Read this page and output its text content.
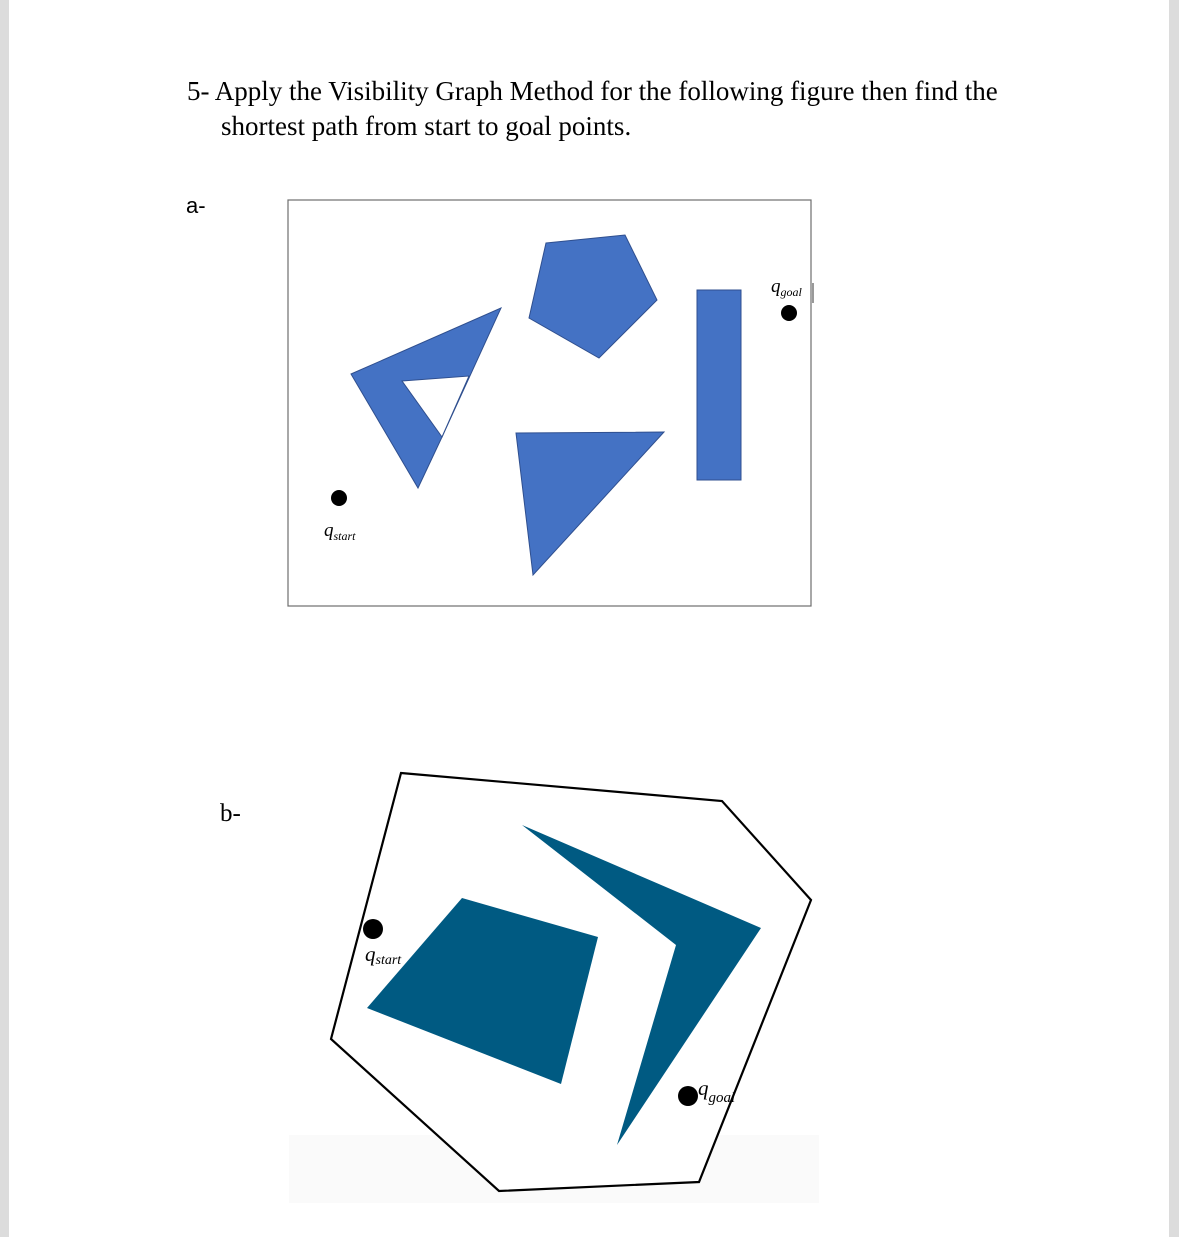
5- Apply the Visibility Graph Method for the following figure then find the
shortest path from start to goal points.
a-
b-
$q_{start}$
$q_{goal}$
qstart
$q_{goal}$
